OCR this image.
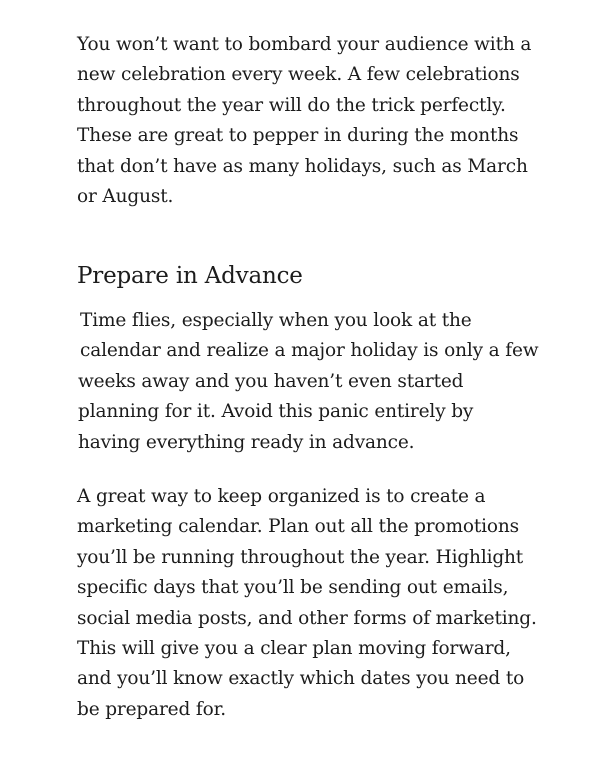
You won’t want to bombard your audience with a
new celebration every week. A few celebrations
throughout the year will do the trick perfectly.
These are great to pepper in during the months
that don’t have as many holidays, such as March
or August.

Prepare in Advance

Time flies, especially when you look at the
calendar and realize a major holiday is only a few
weeks away and you haven’t even started
planning for it. Avoid this panic entirely by
having everything ready in advance.

A great way to keep organized is to create a
marketing calendar. Plan out all the promotions
you’ll be running throughout the year. Highlight
specific days that you’ll be sending out emails,
social media posts, and other forms of marketing.
This will give you a clear plan moving forward,
and you’ll know exactly which dates you need to
be prepared for.
